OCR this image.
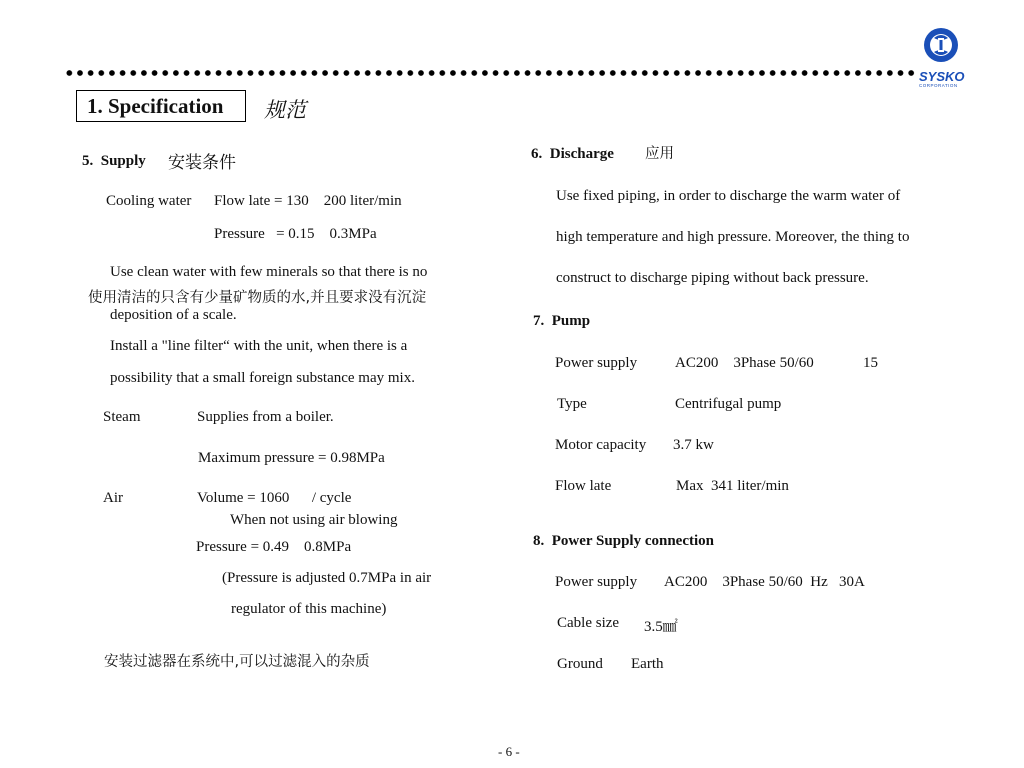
SYSKO
CORPORATION
1. Specification	规范
5. Supply 安装条件
Cooling water Flow late = 130    200 liter/min
Pressure   = 0.15    0.3MPa
Use clean water with few minerals so that there is no
使用清洁的只含有少量矿物质的水,并且要求没有沉淀
deposition of a scale.
Install a "line filter“ with the unit, when there is a
possibility that a small foreign substance may mix.
Steam	Supplies from a boiler.
Maximum pressure = 0.98MPa
Air	Volume = 1060      / cycle
When not using air blowing
Pressure = 0.49    0.8MPa
(Pressure is adjusted 0.7MPa in air
regulator of this machine)
安装过滤器在系统中,可以过滤混入的杂质
6. Discharge 应用
Use fixed piping, in order to discharge the warm water of
high temperature and high pressure. Moreover, the thing to
construct to discharge piping without back pressure.
7. Pump
Power supply	AC200    3Phase 50/60	15
Type	Centrifugal pump
Motor capacity 3.7 kw
Flow late	Max  341 liter/min
8. Power Supply connection
Power supply AC200    3Phase 50/60  Hz   30A
Cable size 3.5㎟
Ground Earth
- 6 -
